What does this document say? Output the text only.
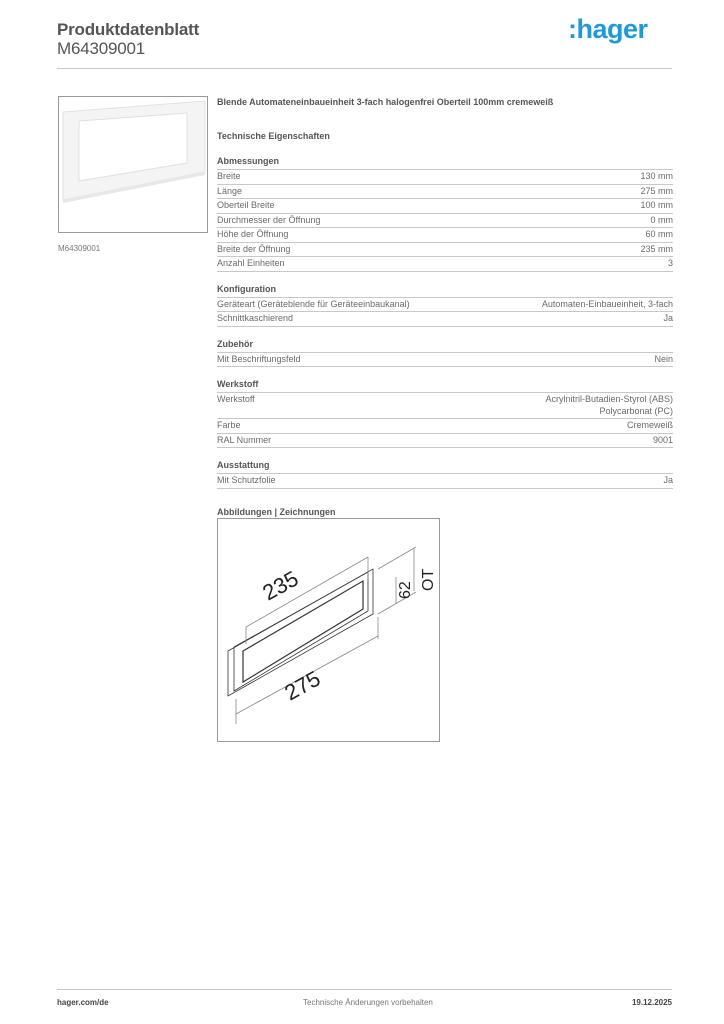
Produktdatenblatt
M64309001
:hager
M64309001
Blende Automateneinbaueinheit 3-fach halogenfrei Oberteil 100mm cremeweiß
Technische Eigenschaften
Abmessungen
Breite	130 mm
Länge	275 mm
Oberteil Breite	100 mm
Durchmesser der Öffnung	0 mm
Höhe der Öffnung	60 mm
Breite der Öffnung	235 mm
Anzahl Einheiten	3
Konfiguration
Geräteart (Geräteblende für Geräteeinbaukanal)	Automaten-Einbaueinheit, 3-fach
Schnittkaschierend	Ja
Zubehör
Mit Beschriftungsfeld	Nein
Werkstoff
Werkstoff	Acrylnitril-Butadien-Styrol (ABS)
Polycarbonat (PC)
Farbe	Cremeweiß
RAL Nummer	9001
Ausstattung
Mit Schutzfolie	Ja
Abbildungen | Zeichnungen
235
275
62 OT
hager.com/de	Technische Änderungen vorbehalten	19.12.2025
